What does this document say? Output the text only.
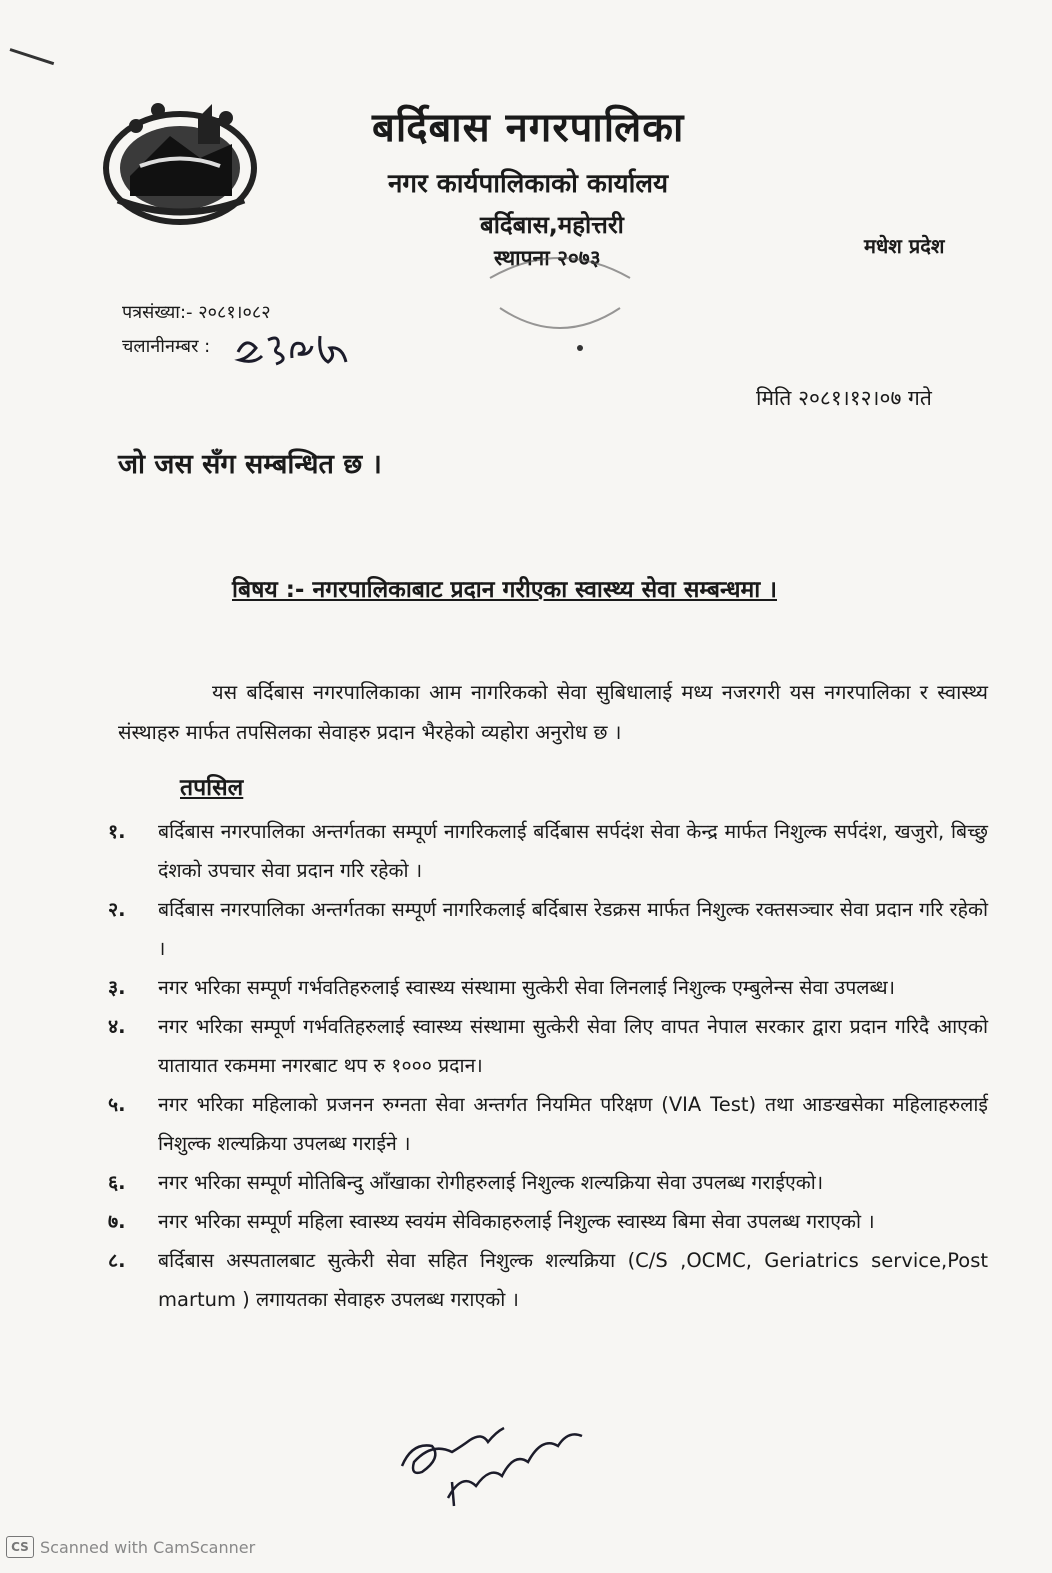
बर्दिबास नगरपालिका
नगर कार्यपालिकाको कार्यालय
बर्दिबास,महोत्तरी
स्थापना २०७३	मधेश प्रदेश
पत्रसंख्या:- २०८१।०८२
चलानीनम्बर :
मिति २०८१।१२।०७ गते
जो जस सँग सम्बन्धित छ ।
बिषय :- नगरपालिकाबाट प्रदान गरीएका स्वास्थ्य सेवा सम्बन्धमा ।
यस बर्दिबास नगरपालिकाका आम नागरिकको सेवा सुबिधालाई मध्य नजरगरी यस नगरपालिका र स्वास्थ्य संस्थाहरु मार्फत तपसिलका सेवाहरु प्रदान भैरहेको व्यहोरा अनुरोध छ ।
तपसिल
१.	बर्दिबास नगरपालिका अन्तर्गतका सम्पूर्ण नागरिकलाई बर्दिबास सर्पदंश सेवा केन्द्र मार्फत निशुल्क सर्पदंश, खजुरो, बिच्छु दंशको उपचार सेवा प्रदान गरि रहेको ।
२.	बर्दिबास नगरपालिका अन्तर्गतका सम्पूर्ण नागरिकलाई बर्दिबास रेडक्रस मार्फत निशुल्क रक्तसञ्चार सेवा प्रदान गरि रहेको ।
३.	नगर भरिका सम्पूर्ण गर्भवतिहरुलाई स्वास्थ्य संस्थामा सुत्केरी सेवा लिनलाई निशुल्क एम्बुलेन्स सेवा उपलब्ध।
४.	नगर भरिका सम्पूर्ण गर्भवतिहरुलाई स्वास्थ्य संस्थामा सुत्केरी सेवा लिए वापत नेपाल सरकार द्वारा प्रदान गरिदै आएको यातायात रकममा नगरबाट थप रु १००० प्रदान।
५.	नगर भरिका महिलाको प्रजनन रुग्नता सेवा अन्तर्गत नियमित परिक्षण (VIA Test) तथा आङखसेका महिलाहरुलाई निशुल्क शल्यक्रिया उपलब्ध गराईने ।
६.	नगर भरिका सम्पूर्ण मोतिबिन्दु आँखाका रोगीहरुलाई निशुल्क शल्यक्रिया सेवा उपलब्ध गराईएको।
७.	नगर भरिका सम्पूर्ण महिला स्वास्थ्य स्वयंम सेविकाहरुलाई निशुल्क स्वास्थ्य बिमा सेवा उपलब्ध गराएको ।
८.	बर्दिबास अस्पतालबाट सुत्केरी सेवा सहित निशुल्क शल्यक्रिया (C/S ,OCMC, Geriatrics service,Post martum ) लगायतका सेवाहरु उपलब्ध गराएको ।
CS Scanned with CamScanner
